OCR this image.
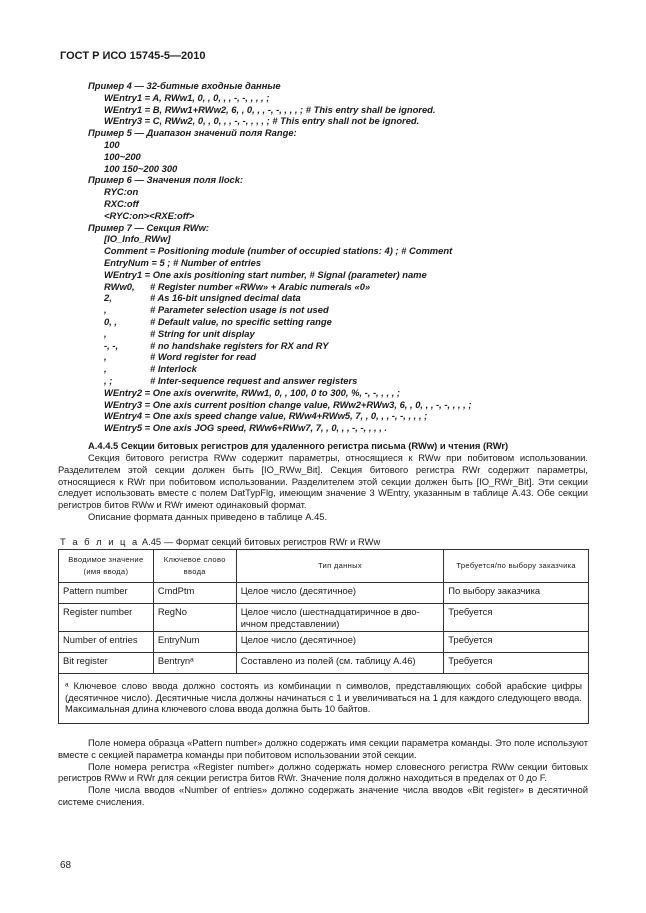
ГОСТ Р ИСО 15745-5—2010
Пример 4 — 32-битные входные данные
WEntry1 = A, RWw1, 0, , 0, , , -, -, , , , ;
WEntry1 = B, RWw1+RWw2, 6, , 0, , , -, -, , , , ; # This entry shall be ignored.
WEntry3 = C, RWw2, 0, , 0, , , -, -, , , , ; # This entry shall not be ignored.
Пример 5 — Диапазон значений поля Range:
100
100~200
100 150~200 300
Пример 6 — Значения поля Ilock:
RYC:on
RXC:off
<RYC:on><RXE:off>
Пример 7 — Секция RWw:
[IO_Info_RWw]
Comment = Positioning module (number of occupied stations: 4) ; # Comment
EntryNum = 5 ; # Number of entries
WEntry1 = One axis positioning start number, # Signal (parameter) name
RWw0, # Register number «RWw» + Arabic numerals «0»
2,	# As 16-bit unsigned decimal data
,	# Parameter selection usage is not used
0, ,	# Default value, no specific setting range
,	# String for unit display
-, -,	# no handshake registers for RX and RY
,	# Word register for read
,	# Interlock
, ;	# Inter-sequence request and answer registers
WEntry2 = One axis overwrite, RWw1, 0, , 100, 0 to 300, %, -, -, , , , ;
WEntry3 = One axis current position change value, RWw2+RWw3, 6, , 0, , , -, -, , , , ;
WEntry4 = One axis speed change value, RWw4+RWw5, 7, , 0, , , -, -, , , , ;
WEntry5 = One axis JOG speed, RWw6+RWw7, 7, , 0, , , -, -, , , , .
A.4.4.5 Секции битовых регистров для удаленного регистра письма (RWw) и чтения (RWr)

Секция битового регистра RWw содержит параметры, относящиеся к RWw при побитовом использовании. Разделителем этой секции должен быть [IO_RWw_Bit]. Секция битового регистра RWr содержит параметры, относящиеся к RWr при побитовом использовании. Разделителем этой секции должен быть [IO_RWr_Bit]. Эти секции следует использовать вместе с полем DatTypFlg, имеющим значение 3 WEntry, указанным в таблице А.43. Обе секции регистров битов RWw и RWr имеют одинаковый формат.

Описание формата данных приведено в таблице А.45.

Т а б л и ц а А.45 — Формат секций битовых регистров RWr и RWw
Вводимое значение (имя ввода)	Ключевое слово ввода	Тип данных	Требуется/по выбору заказчика
Pattern number	CmdPtm	Целое число (десятичное)	По выбору заказчика
Register number	RegNo	Целое число (шестнадцатиричное в двоичном представлении)	Требуется
Number of entries	EntryNum	Целое число (десятичное)	Требуется
Bit register	Bentrynᵃ	Составлено из полей (см. таблицу А.46)	Требуется
ᵃ Ключевое слово ввода должно состоять из комбинации n символов, представляющих собой арабские цифры (десятичное число). Десятичные числа должны начинаться с 1 и увеличиваться на 1 для каждого следующего ввода. Максимальная длина ключевого слова ввода должна быть 10 байтов.			

Поле номера образца «Pattern number» должно содержать имя секции параметра команды. Это поле используют вместе с секцией параметра команды при побитовом использовании этой секции.

Поле номера регистра «Register number» должно содержать номер словесного регистра RWw секции битовых регистров RWw и RWr для секции регистра битов RWr. Значение поля должно находиться в пределах от 0 до F.

Поле числа вводов «Number of entries» должно содержать значение числа вводов «Bit register» в десятичной системе счисления.

68
